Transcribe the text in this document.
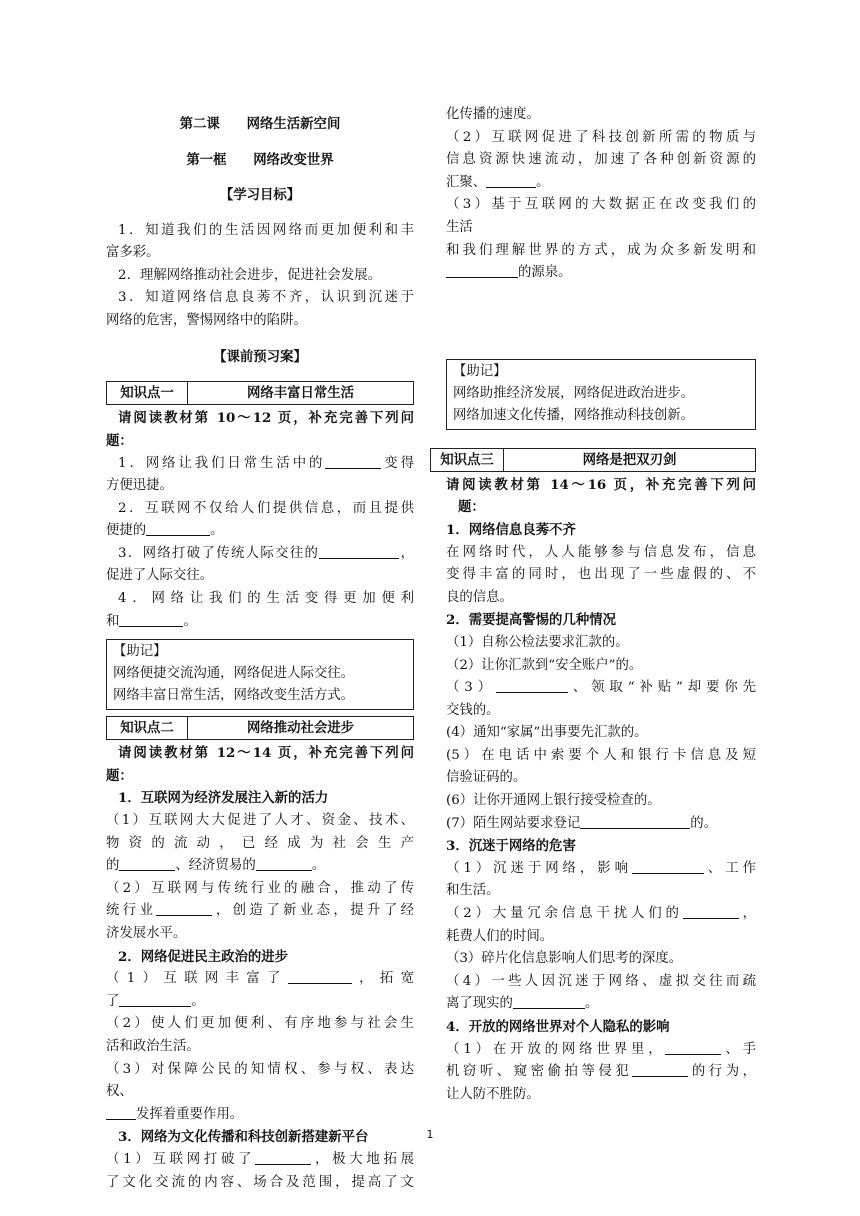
第二课　　网络生活新空间

第一框　　网络改变世界

【学习目标】

1．知道我们的生活因网络而更加便利和丰

富多彩。

2．理解网络推动社会进步，促进社会发展。

3．知道网络信息良莠不齐，认识到沉迷于

网络的危害，警惕网络中的陷阱。

【课前预习案】

知识点一	网络丰富日常生活

请阅读教材第 10～12 页，补充完善下列问

题：

1．网络让我们日常生活中的	变得

方便迅捷。

2．互联网不仅给人们提供信息，而且提供

便捷的	。

3．网络打破了传统人际交往的	，

促进了人际交往。

4．网络让我们的生活变得更加便利

和	。

【助记】

网络便捷交流沟通，网络促进人际交往。

网络丰富日常生活，网络改变生活方式。

知识点二	网络推动社会进步

请阅读教材第 12～14 页，补充完善下列问

题：

1．互联网为经济发展注入新的活力

（1）互联网大大促进了人才、资金、技术、

物资的流动，已经成为社会生产

的	、经济贸易的	。

（2）互联网与传统行业的融合，推动了传

统行业	，创造了新业态，提升了经

济发展水平。

2．网络促进民主政治的进步

（1）互联网丰富了	，拓宽

了	。

（2）使人们更加便利、有序地参与社会生

活和政治生活。

（3）对保障公民的知情权、参与权、表达

权、

发挥着重要作用。

3．网络为文化传播和科技创新搭建新平台

（1）互联网打破了	，极大地拓展

了文化交流的内容、场合及范围，提高了文

化传播的速度。

（2）互联网促进了科技创新所需的物质与

信息资源快速流动，加速了各种创新资源的

汇聚、	。

（3）基于互联网的大数据正在改变我们的

生活

和我们理解世界的方式，成为众多新发明和

的源泉。

【助记】

网络助推经济发展，网络促进政治进步。

网络加速文化传播，网络推动科技创新。

知识点三	网络是把双刃剑

请阅读教材第 14～16 页，补充完善下列问

题：

1．网络信息良莠不齐

在网络时代，人人能够参与信息发布，信息

变得丰富的同时，也出现了一些虚假的、不

良的信息。

2．需要提高警惕的几种情况

（1）自称公检法要求汇款的。

（2）让你汇款到“安全账户”的。

（3）	、领取“补贴”却要你先

交钱的。

(4）通知“家属”出事要先汇款的。

(5）在电话中索要个人和银行卡信息及短

信验证码的。

(6）让你开通网上银行接受检查的。

(7）陌生网站要求登记	的。

3．沉迷于网络的危害

（1）沉迷于网络，影响	、工作

和生活。

（2）大量冗余信息干扰人们的	，

耗费人们的时间。

（3）碎片化信息影响人们思考的深度。

（4）一些人因沉迷于网络、虚拟交往而疏

离了现实的	。

4．开放的网络世界对个人隐私的影响

（1）在开放的网络世界里，	、手

机窃听、窥密偷拍等侵犯	的行为，

让人防不胜防。

1
